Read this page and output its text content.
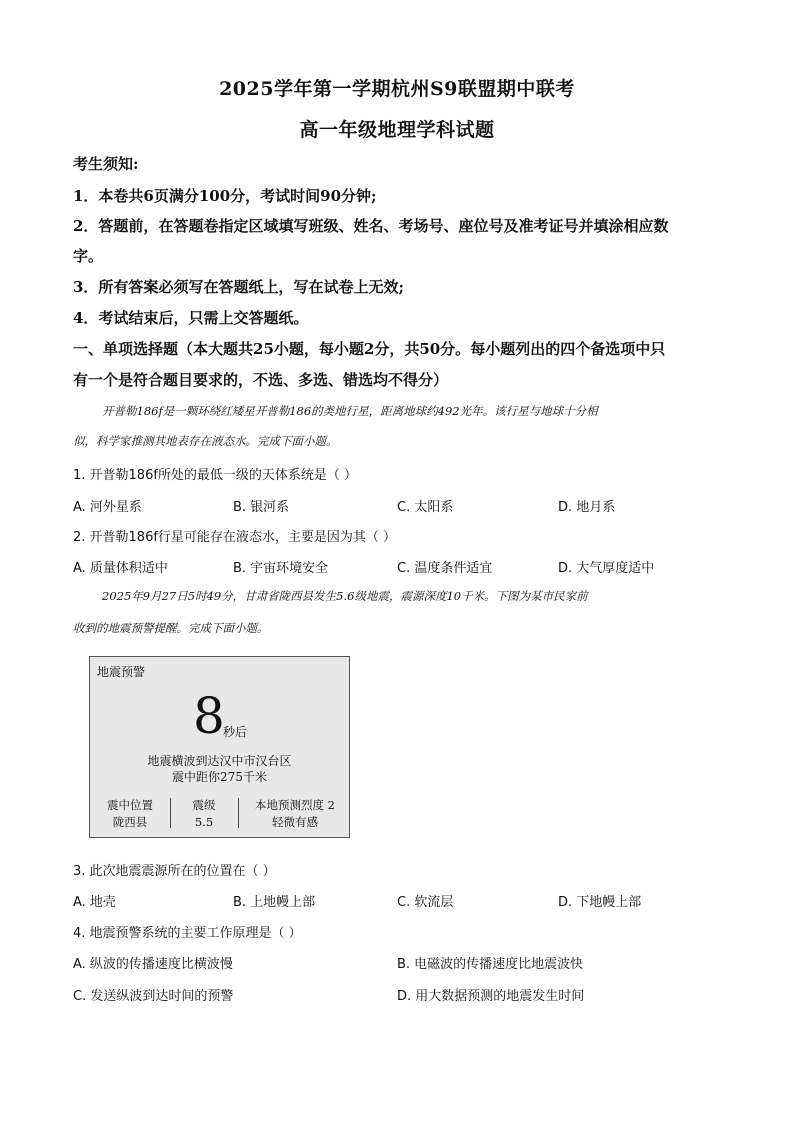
2025学年第一学期杭州S9联盟期中联考
高一年级地理学科试题
考生须知:
1．本卷共6页满分100分，考试时间90分钟;
2．答题前，在答题卷指定区域填写班级、姓名、考场号、座位号及准考证号并填涂相应数
字。
3．所有答案必须写在答题纸上，写在试卷上无效;
4．考试结束后，只需上交答题纸。
一、单项选择题（本大题共25小题，每小题2分，共50分。每小题列出的四个备选项中只
有一个是符合题目要求的，不选、多选、错选均不得分）
开普勒186f是一颗环绕红矮星开普勒186的类地行星，距离地球约492光年。该行星与地球十分相
似，科学家推测其地表存在液态水。完成下面小题。
1. 开普勒186f所处的最低一级的天体系统是（ ）
A. 河外星系	B. 银河系	C. 太阳系	D. 地月系
2. 开普勒186f行星可能存在液态水，主要是因为其（ ）
A. 质量体积适中	B. 宇宙环境安全	C. 温度条件适宜	D. 大气厚度适中
2025年9月27日5时49分，甘肃省陇西县发生5.6级地震，震源深度10千米。下图为某市民家前
收到的地震预警提醒。完成下面小题。
地震预警
8
秒后
地震横波到达汉中市汉台区
震中距你275千米
震中位置
陇西县
震级
5.5
本地预测烈度 2
轻微有感
3. 此次地震震源所在的位置在（ ）
A. 地壳	B. 上地幔上部	C. 软流层	D. 下地幔上部
4. 地震预警系统的主要工作原理是（ ）
A. 纵波的传播速度比横波慢	B. 电磁波的传播速度比地震波快
C. 发送纵波到达时间的预警	D. 用大数据预测的地震发生时间
